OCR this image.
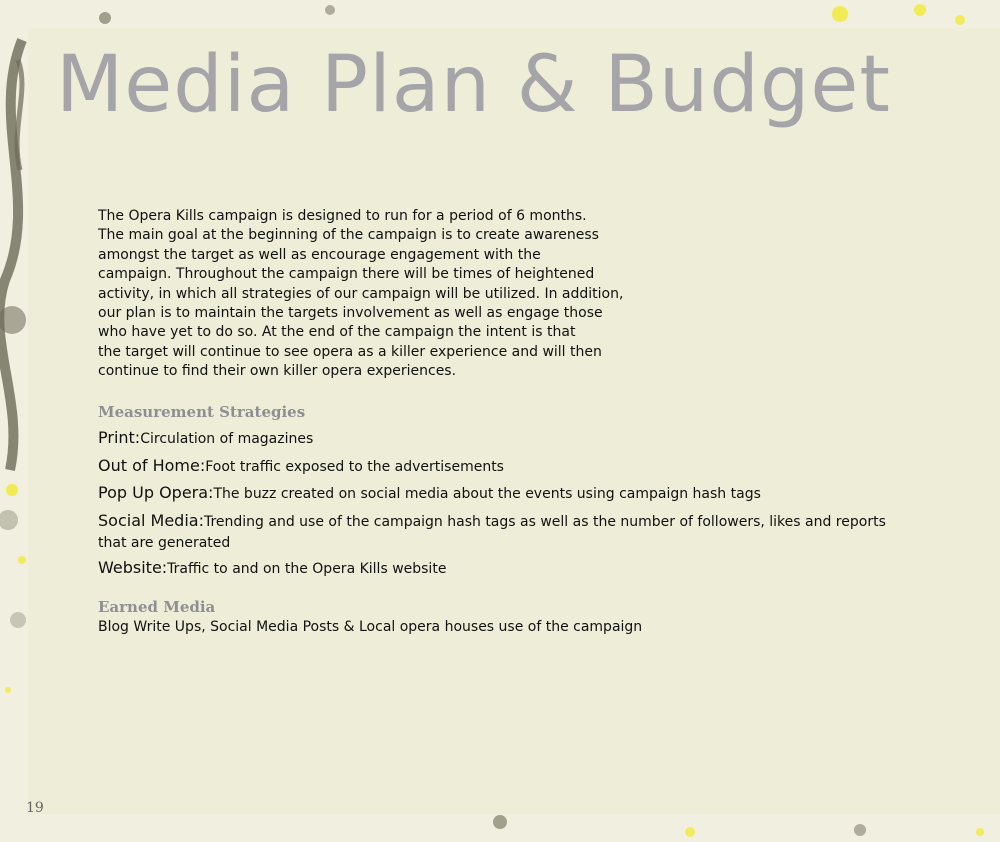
Media Plan & Budget
The Opera Kills campaign is designed to run for a period of 6 months.
The main goal at the beginning of the campaign is to create awareness
amongst the target as well as encourage engagement with the
campaign. Throughout the campaign there will be times of heightened
activity, in which all strategies of our campaign will be utilized. In addition,
our plan is to maintain the targets involvement as well as engage those
who have yet to do so. At the end of the campaign the intent is that
the target will continue to see opera as a killer experience and will then
continue to find their own killer opera experiences.
Measurement Strategies
Print:Circulation of magazines
Out of Home:Foot traffic exposed to the advertisements
Pop Up Opera:The buzz created on social media about the events using campaign hash tags
Social Media:Trending and use of the campaign hash tags as well as the number of followers, likes and reports that are generated
Website:Traffic to and on the Opera Kills website
Earned Media
Blog Write Ups, Social Media Posts & Local opera houses use of the campaign
19
